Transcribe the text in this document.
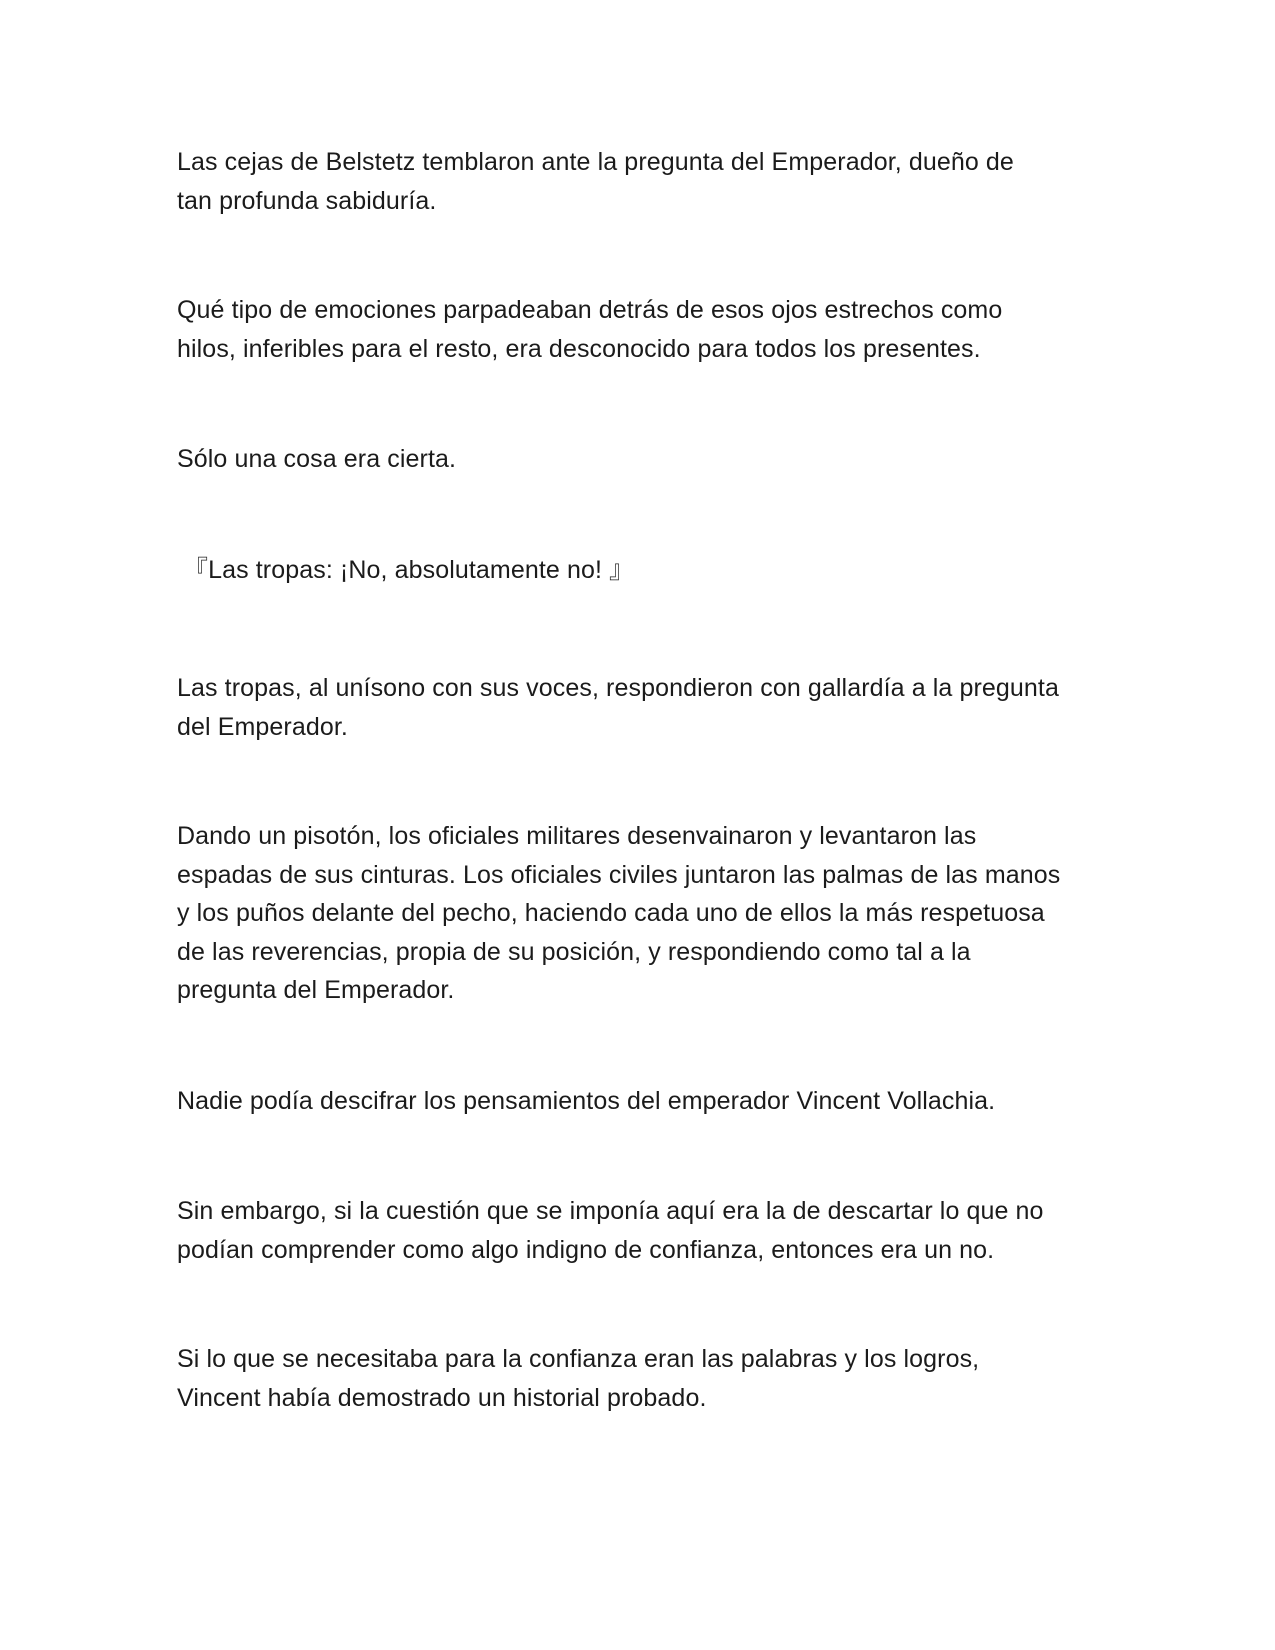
Las cejas de Belstetz temblaron ante la pregunta del Emperador, dueño de
tan profunda sabiduría.

Qué tipo de emociones parpadeaban detrás de esos ojos estrechos como
hilos, inferibles para el resto, era desconocido para todos los presentes.

Sólo una cosa era cierta.

『Las tropas: ¡No, absolutamente no! 』

Las tropas, al unísono con sus voces, respondieron con gallardía a la pregunta
del Emperador.

Dando un pisotón, los oficiales militares desenvainaron y levantaron las
espadas de sus cinturas. Los oficiales civiles juntaron las palmas de las manos
y los puños delante del pecho, haciendo cada uno de ellos la más respetuosa
de las reverencias, propia de su posición, y respondiendo como tal a la
pregunta del Emperador.

Nadie podía descifrar los pensamientos del emperador Vincent Vollachia.

Sin embargo, si la cuestión que se imponía aquí era la de descartar lo que no
podían comprender como algo indigno de confianza, entonces era un no.

Si lo que se necesitaba para la confianza eran las palabras y los logros,
Vincent había demostrado un historial probado.
